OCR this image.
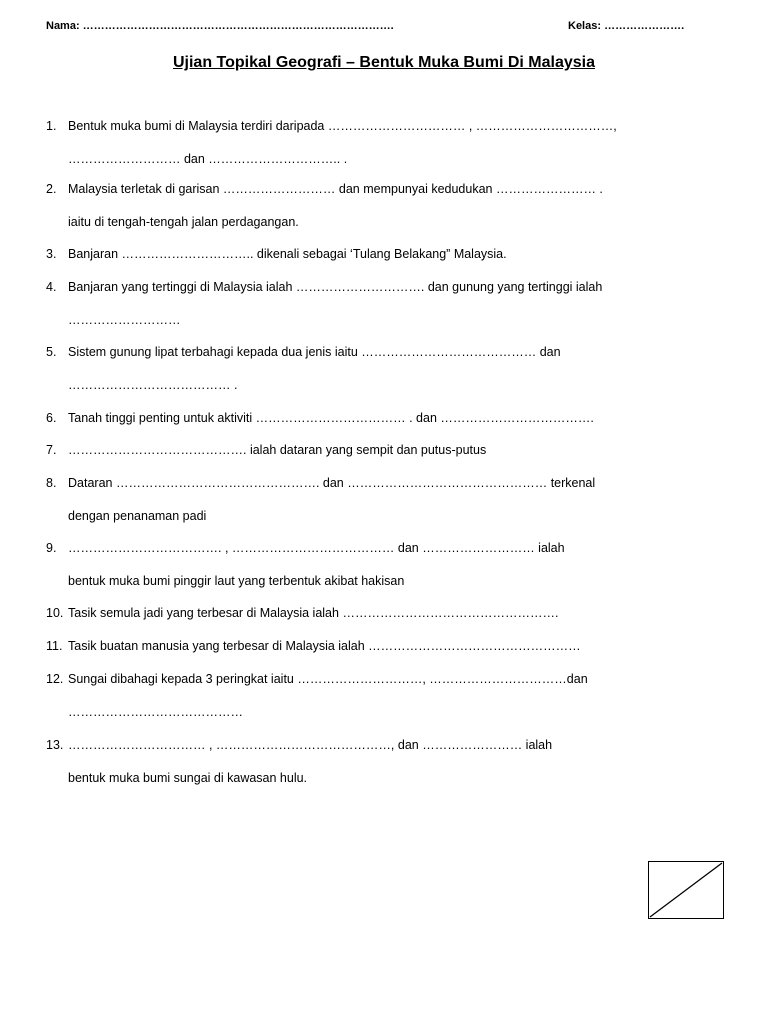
Nama: ………………………………………………………………………….	Kelas: ………………….
Ujian Topikal Geografi – Bentuk Muka Bumi Di Malaysia
1. Bentuk muka bumi di Malaysia terdiri daripada …………………………… , ……………………………,
……………………… dan ………………………….. .
2. Malaysia terletak di garisan ……………………… dan mempunyai kedudukan …………………… .
iaitu di tengah-tengah jalan perdagangan.
3. Banjaran ………………………….. dikenali sebagai ‘Tulang Belakang” Malaysia.
4. Banjaran yang tertinggi di Malaysia ialah …………………………. dan gunung yang tertinggi ialah
………………………
5. Sistem gunung lipat terbahagi kepada dua jenis iaitu …………………………………… dan
………………………………… .
6. Tanah tinggi penting untuk aktiviti ……………………………… . dan ……………………………….
7. ……………………………………. ialah dataran yang sempit dan putus-putus
8. Dataran …………………………………………. dan ………………………………………… terkenal
dengan penanaman padi
9. ………………………………. , ………………………………… dan ……………………… ialah
bentuk muka bumi pinggir laut yang terbentuk akibat hakisan
10. Tasik semula jadi yang terbesar di Malaysia ialah …………………………………………….
11. Tasik buatan manusia yang terbesar di Malaysia ialah ……………………………………………
12. Sungai dibahagi kepada 3 peringkat iaitu …………………………, ……………………………dan
……………………………………
13. …………………………… , ……………………………………, dan …………………… ialah
bentuk muka bumi sungai di kawasan hulu.
